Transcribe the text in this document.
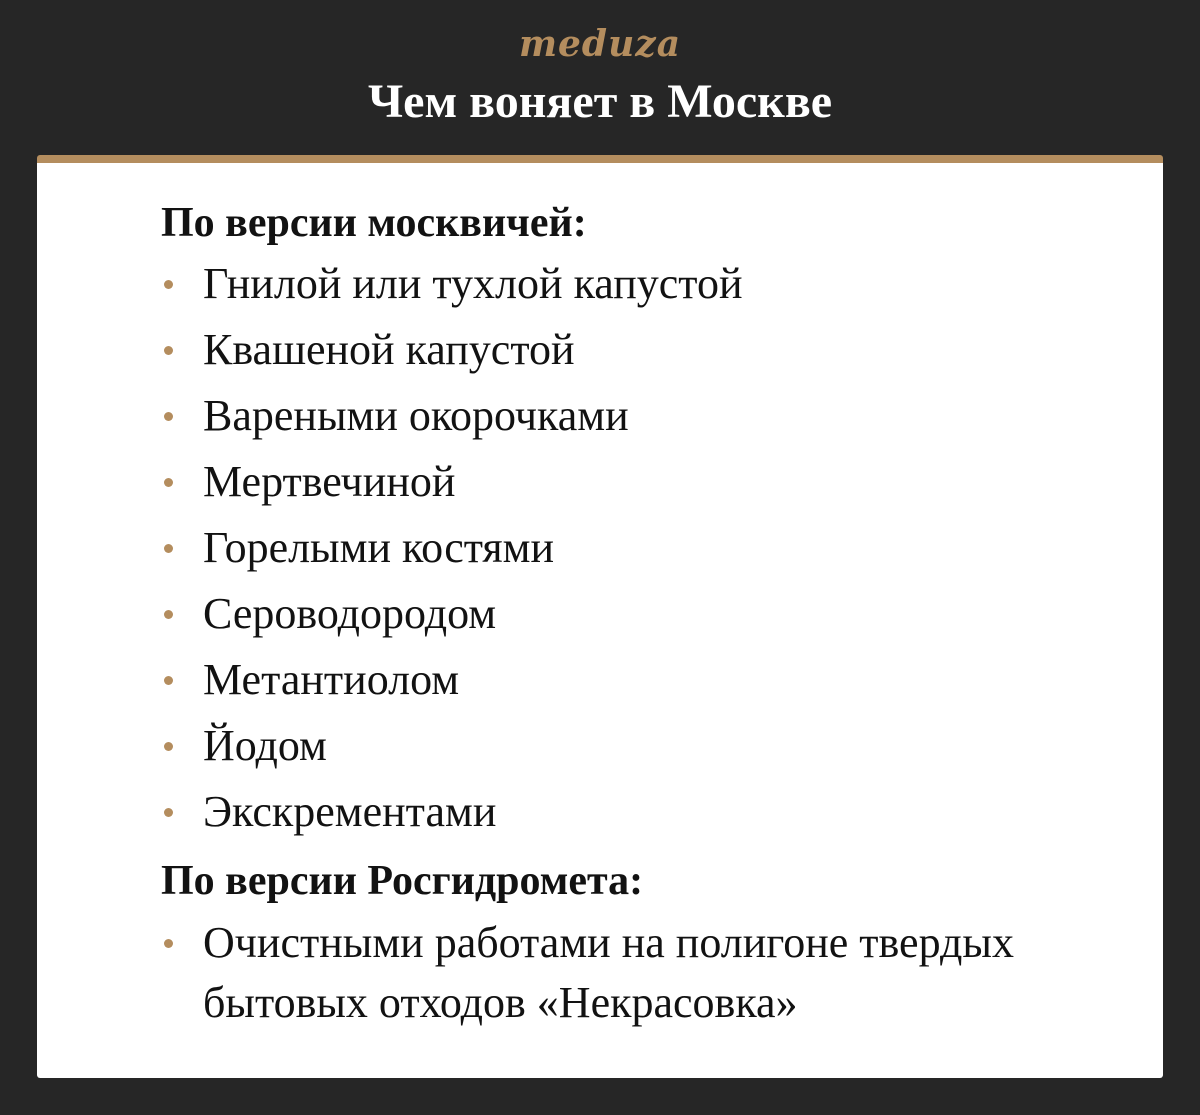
meduza
Чем воняет в Москве
По версии москвичей:
Гнилой или тухлой капустой
Квашеной капустой
Вареными окорочками
Мертвечиной
Горелыми костями
Сероводородом
Метантиолом
Йодом
Экскрементами
По версии Росгидромета:
Очистными работами на полигоне твердых бытовых отходов «Некрасовка»
